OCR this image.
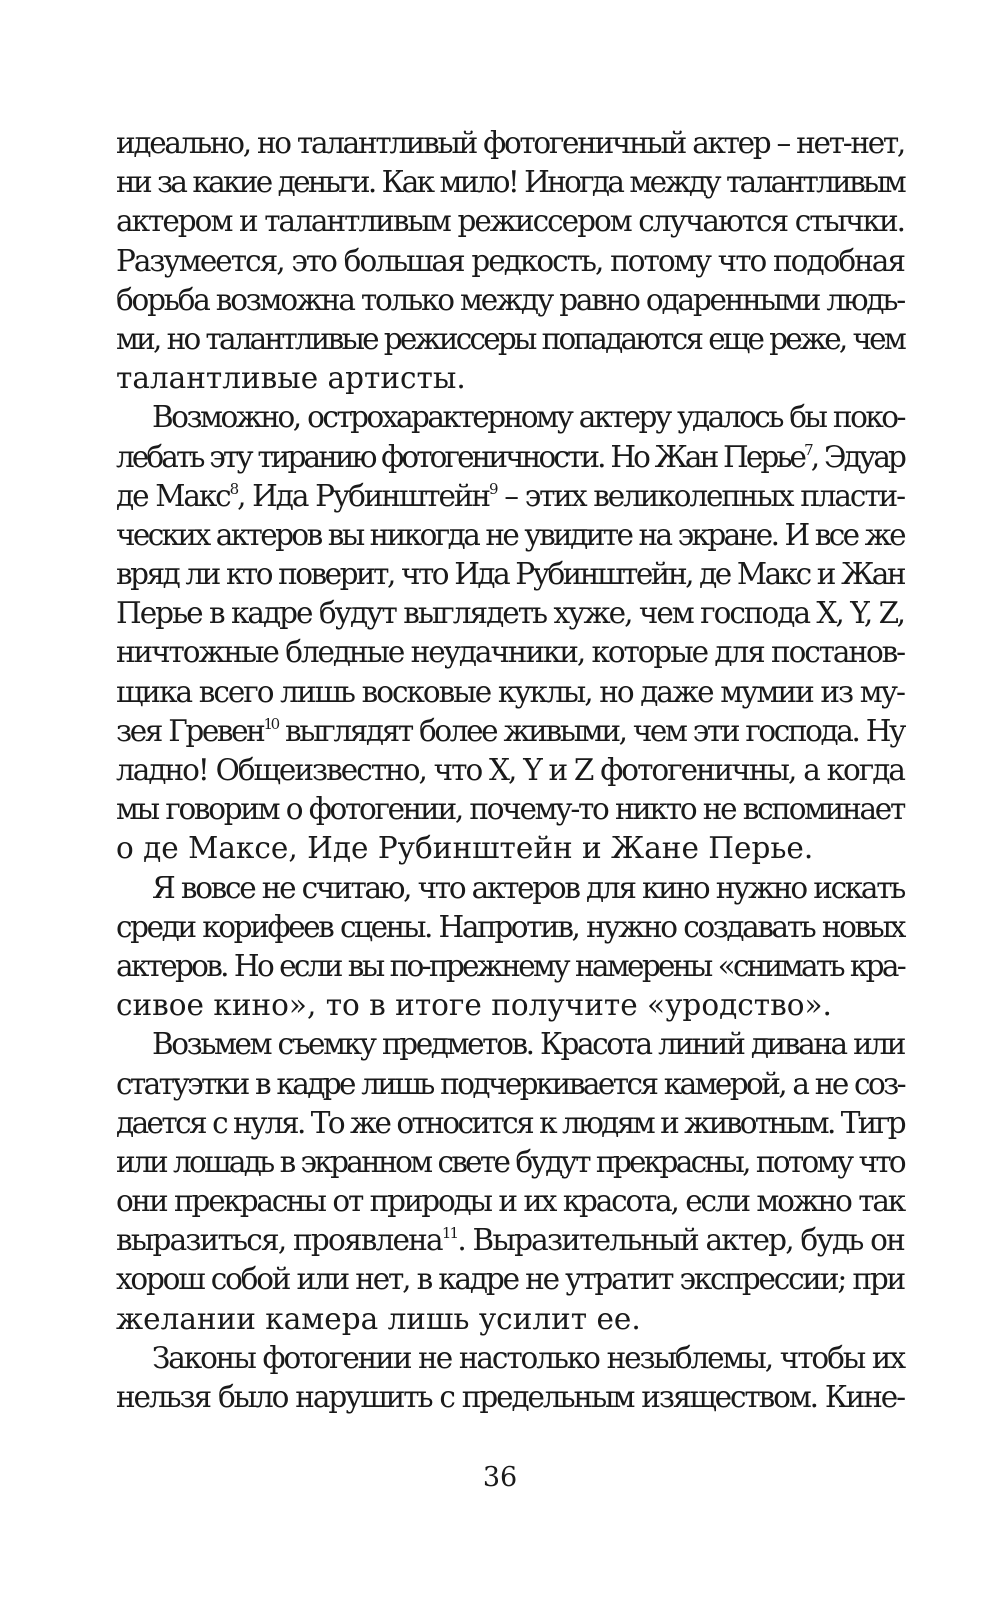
идеально, но талантливый фотогеничный актер – нет-нет,
ни за какие деньги. Как мило! Иногда между талантливым
актером и талантливым режиссером случаются стычки.
Разумеется, это большая редкость, потому что подобная
борьба возможна только между равно одаренными людь-
ми, но талантливые режиссеры попадаются еще реже, чем
талантливые артисты.
Возможно, острохарактерному актеру удалось бы поко-
лебать эту тиранию фотогеничности. Но Жан Перье$^7$, Эдуар
де Макс$^8$, Ида Рубинштейн$^9$ – этих великолепных пласти-
ческих актеров вы никогда не увидите на экране. И все же
вряд ли кто поверит, что Ида Рубинштейн, де Макс и Жан
Перье в кадре будут выглядеть хуже, чем господа X, Y, Z,
ничтожные бледные неудачники, которые для постанов-
щика всего лишь восковые куклы, но даже мумии из му-
зея Гревен$^{10}$ выглядят более живыми, чем эти господа. Ну
ладно! Общеизвестно, что X, Y и Z фотогеничны, а когда
мы говорим о фотогении, почему-то никто не вспоминает
о де Максе, Иде Рубинштейн и Жане Перье.
Я вовсе не считаю, что актеров для кино нужно искать
среди корифеев сцены. Напротив, нужно создавать новых
актеров. Но если вы по-прежнему намерены «снимать кра-
сивое кино», то в итоге получите «уродство».
Возьмем съемку предметов. Красота линий дивана или
статуэтки в кадре лишь подчеркивается камерой, а не соз-
дается с нуля. То же относится к людям и животным. Тигр
или лошадь в экранном свете будут прекрасны, потому что
они прекрасны от природы и их красота, если можно так
выразиться, проявлена$^{11}$. Выразительный актер, будь он
хорош собой или нет, в кадре не утратит экспрессии; при
желании камера лишь усилит ее.
Законы фотогении не настолько незыблемы, чтобы их
нельзя было нарушить с предельным изяществом. Кине-
36
